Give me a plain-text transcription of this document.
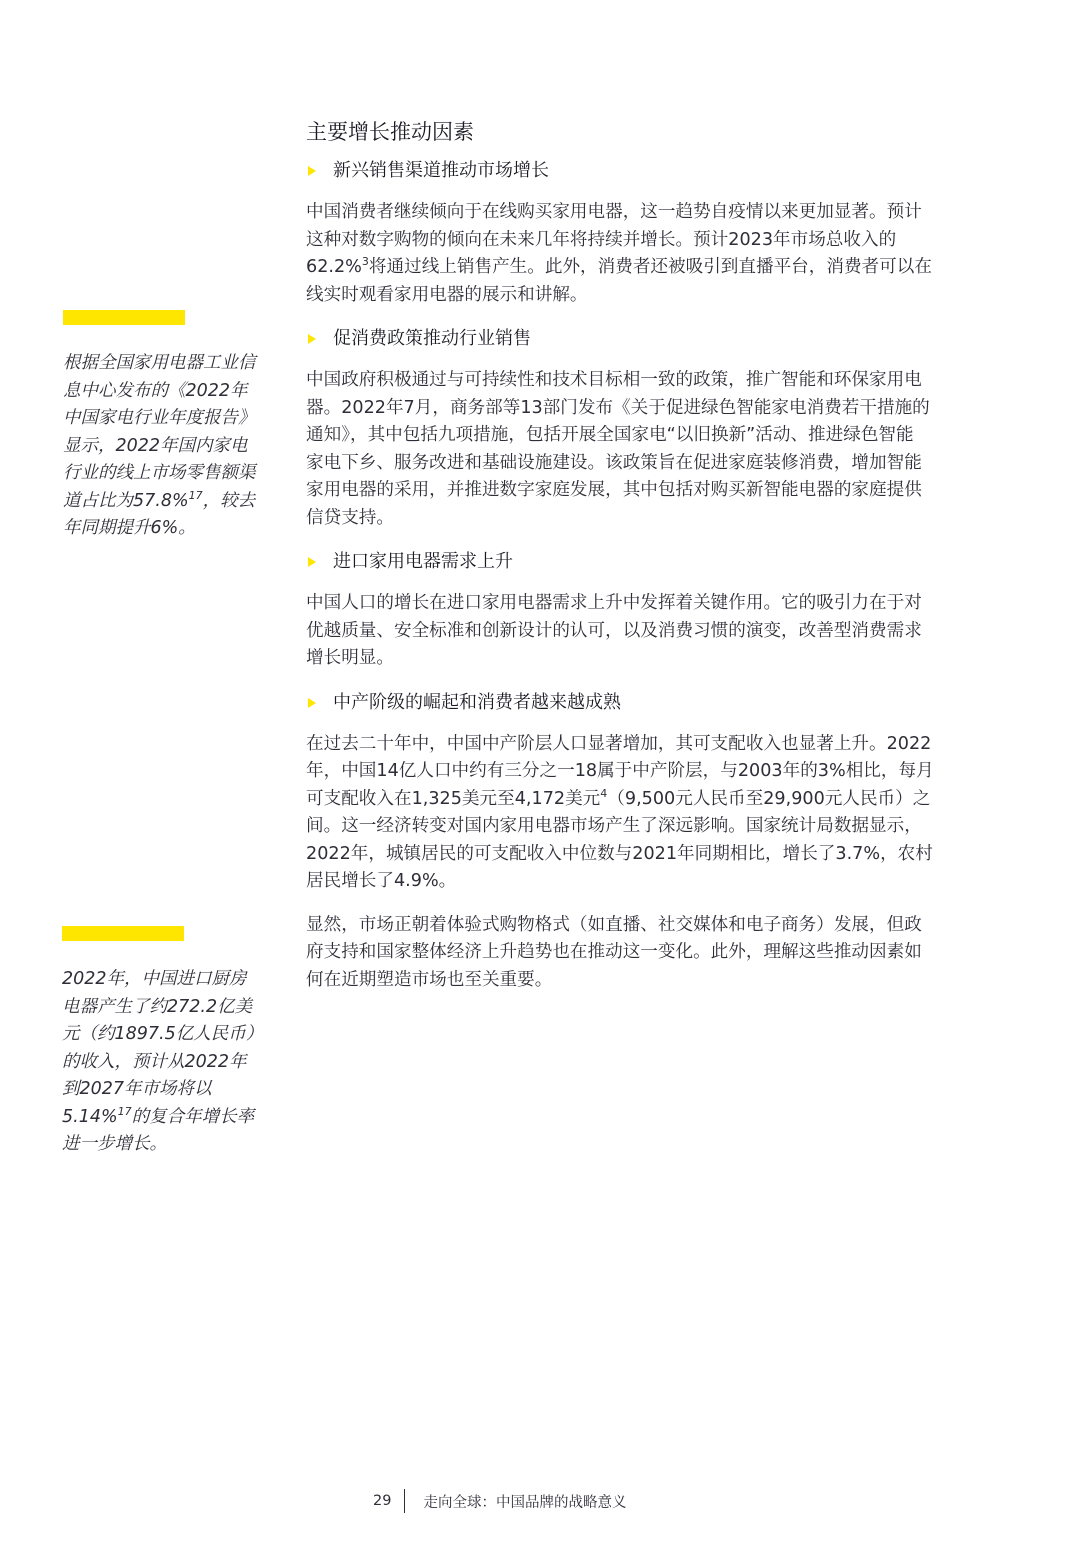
根据全国家用电器工业信
息中心发布的《2022年
中国家电行业年度报告》
显示，2022年国内家电
行业的线上市场零售额渠
道占比为57.8%$^{17}$，较去
年同期提升6%。
2022年，中国进口厨房
电器产生了约272.2亿美
元（约1897.5亿人民币）
的收入，预计从2022年
到2027年市场将以
5.14%$^{17}$的复合年增长率
进一步增长。
主要增长推动因素
新兴销售渠道推动市场增长

中国消费者继续倾向于在线购买家用电器，这一趋势自疫情以来更加显著。预计
这种对数字购物的倾向在未来几年将持续并增长。预计2023年市场总收入的
62.2%$^3$将通过线上销售产生。此外，消费者还被吸引到直播平台，消费者可以在
线实时观看家用电器的展示和讲解。

促消费政策推动行业销售

中国政府积极通过与可持续性和技术目标相一致的政策，推广智能和环保家用电
器。2022年7月，商务部等13部门发布《关于促进绿色智能家电消费若干措施的
通知》，其中包括九项措施，包括开展全国家电“以旧换新”活动、推进绿色智能
家电下乡、服务改进和基础设施建设。该政策旨在促进家庭装修消费，增加智能
家用电器的采用，并推进数字家庭发展，其中包括对购买新智能电器的家庭提供
信贷支持。

进口家用电器需求上升

中国人口的增长在进口家用电器需求上升中发挥着关键作用。它的吸引力在于对
优越质量、安全标准和创新设计的认可，以及消费习惯的演变，改善型消费需求
增长明显。

中产阶级的崛起和消费者越来越成熟

在过去二十年中，中国中产阶层人口显著增加，其可支配收入也显著上升。2022
年，中国14亿人口中约有三分之一18属于中产阶层，与2003年的3%相比，每月
可支配收入在1,325美元至4,172美元$^4$（9,500元人民币至29,900元人民币）之
间。这一经济转变对国内家用电器市场产生了深远影响。国家统计局数据显示，
2022年，城镇居民的可支配收入中位数与2021年同期相比，增长了3.7%，农村
居民增长了4.9%。

显然，市场正朝着体验式购物格式（如直播、社交媒体和电子商务）发展，但政
府支持和国家整体经济上升趋势也在推动这一变化。此外，理解这些推动因素如
何在近期塑造市场也至关重要。

29 走向全球：中国品牌的战略意义
